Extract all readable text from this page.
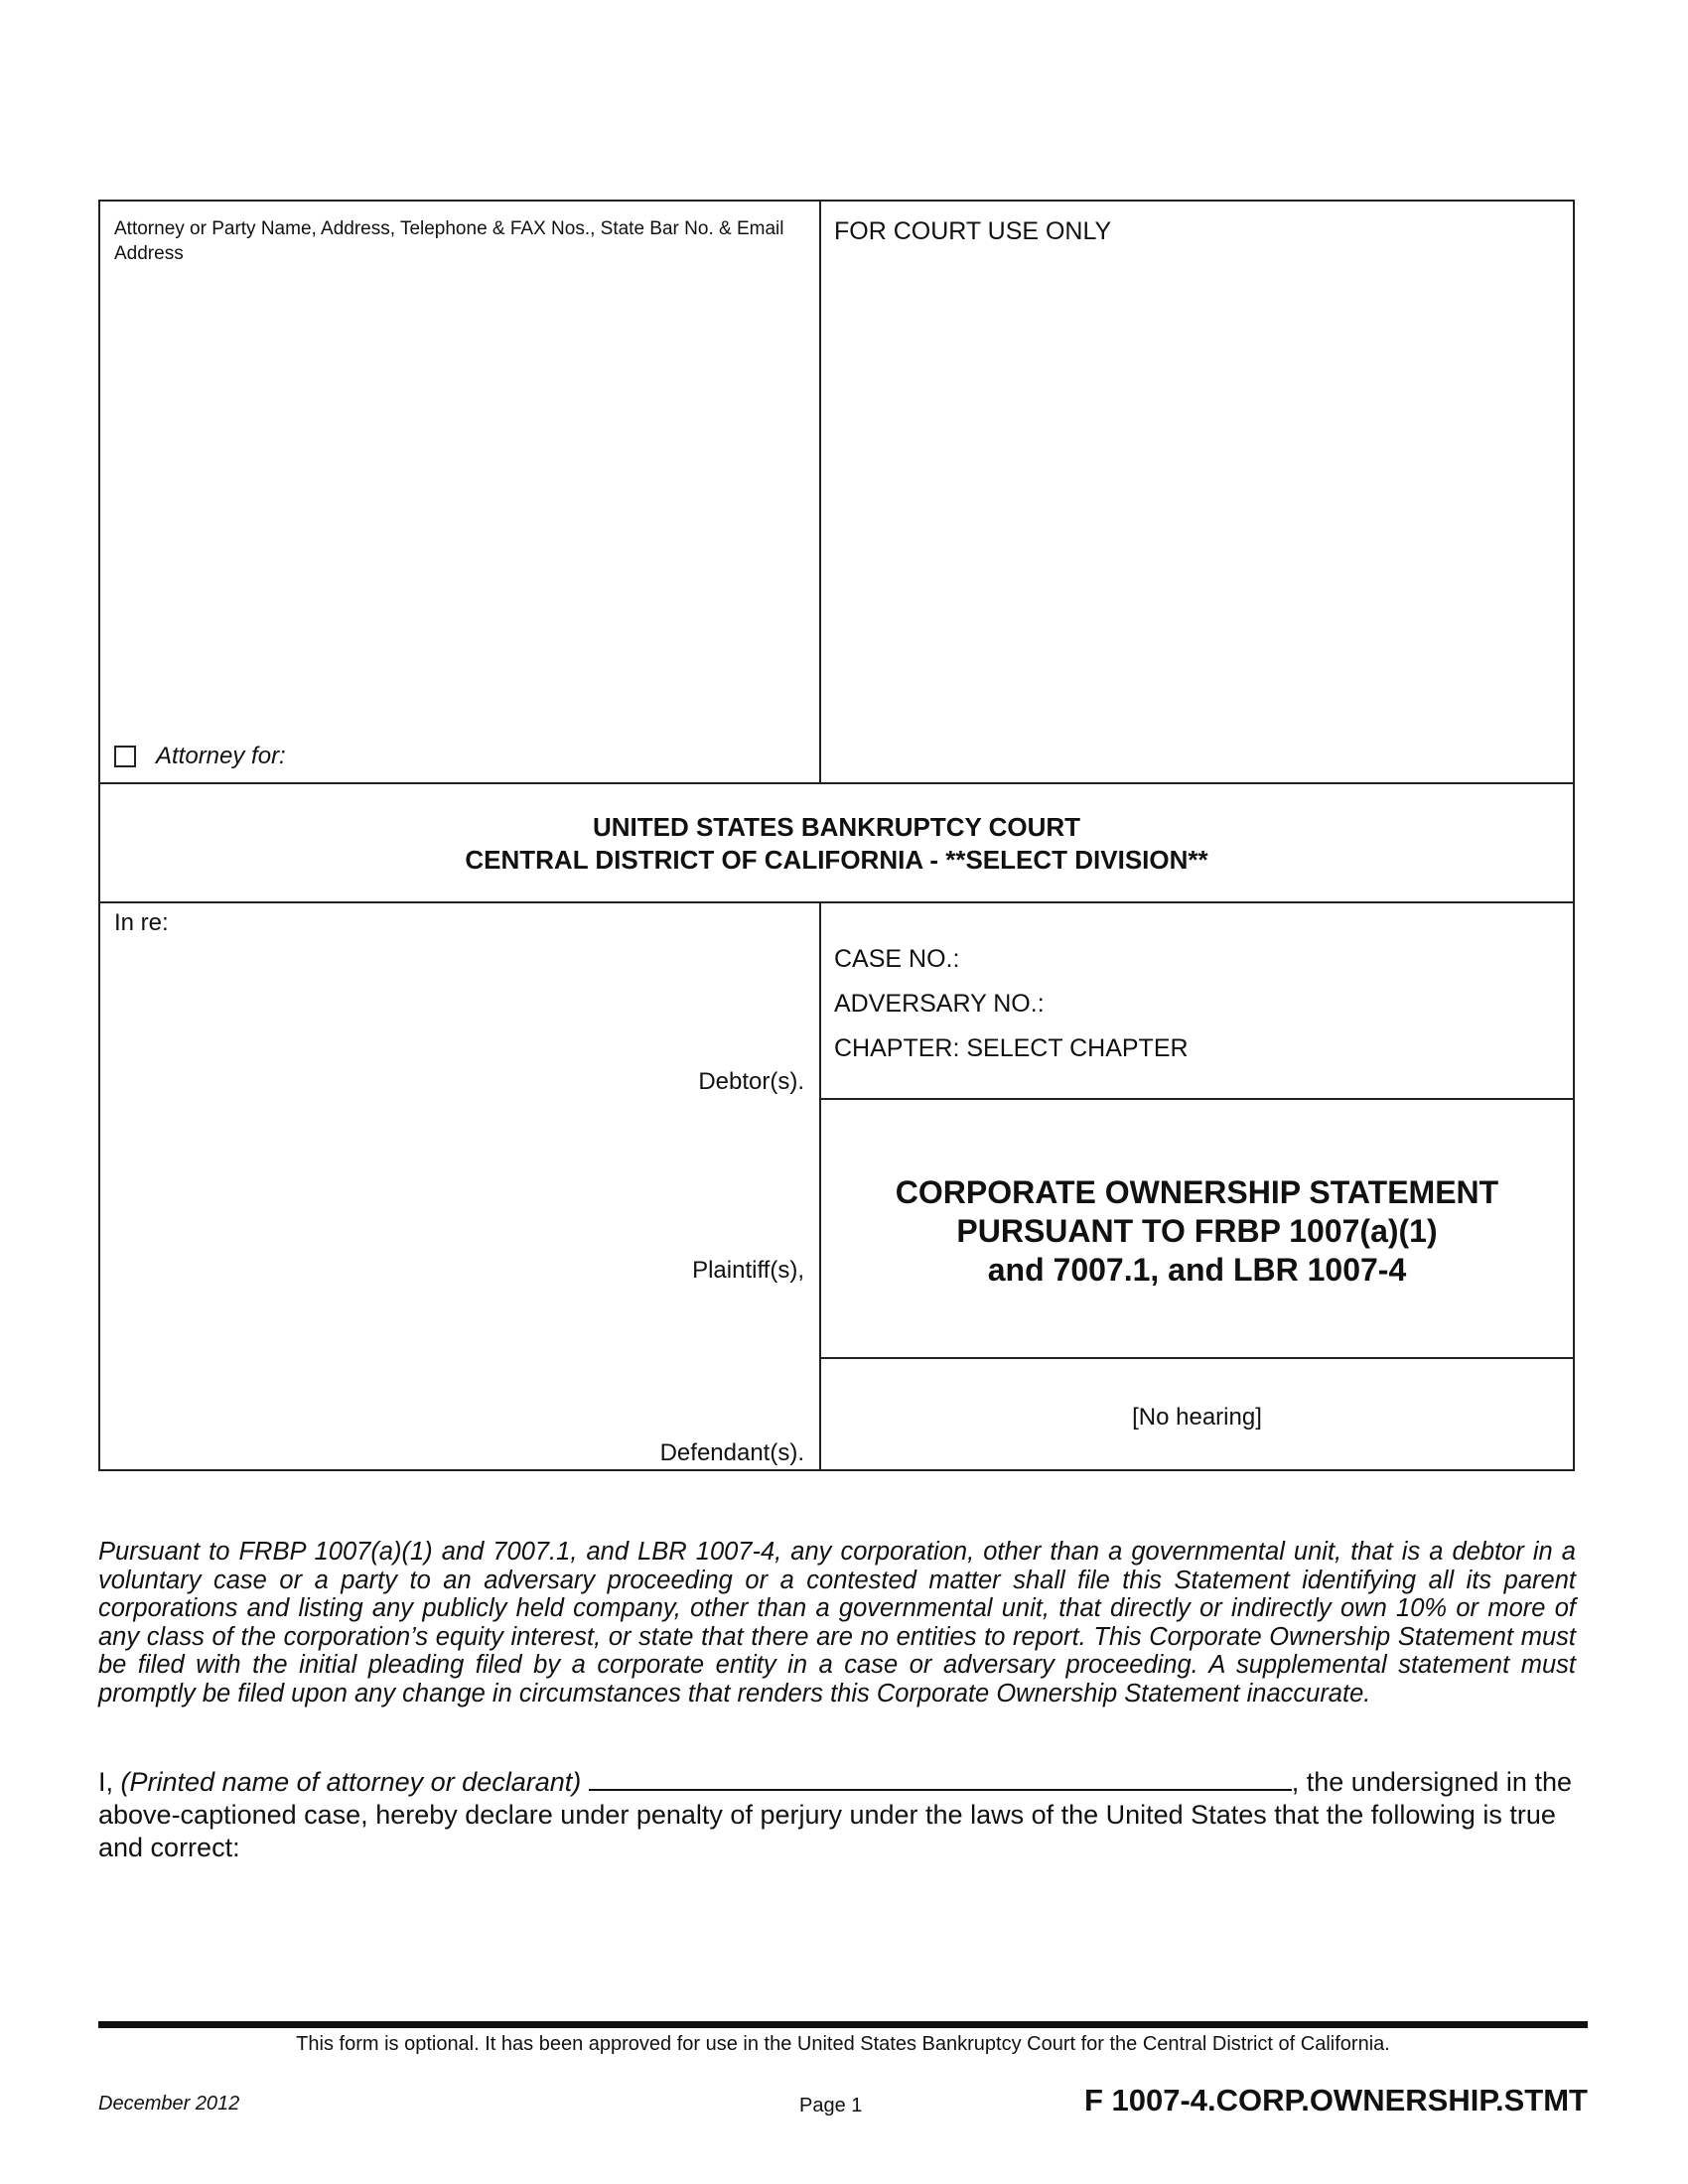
Attorney or Party Name, Address, Telephone & FAX Nos., State Bar No. & Email Address
FOR COURT USE ONLY
Attorney for:
UNITED STATES BANKRUPTCY COURT
CENTRAL DISTRICT OF CALIFORNIA - **SELECT DIVISION**
In re:
Debtor(s).
Plaintiff(s),
Defendant(s).
CASE NO.:
ADVERSARY NO.:
CHAPTER: SELECT CHAPTER
CORPORATE OWNERSHIP STATEMENT
PURSUANT TO FRBP 1007(a)(1)
and 7007.1, and LBR 1007-4
[No hearing]
Pursuant to FRBP 1007(a)(1) and 7007.1, and LBR 1007-4, any corporation, other than a governmental unit, that is a debtor in a voluntary case or a party to an adversary proceeding or a contested matter shall file this Statement identifying all its parent corporations and listing any publicly held company, other than a governmental unit, that directly or indirectly own 10% or more of any class of the corporation’s equity interest, or state that there are no entities to report. This Corporate Ownership Statement must be filed with the initial pleading filed by a corporate entity in a case or adversary proceeding. A supplemental statement must promptly be filed upon any change in circumstances that renders this Corporate Ownership Statement inaccurate.
I, (Printed name of attorney or declarant)	, the undersigned in the above-captioned case, hereby declare under penalty of perjury under the laws of the United States that the following is true and correct:
This form is optional. It has been approved for use in the United States Bankruptcy Court for the Central District of California.
December 2012	Page 1	F 1007-4.CORP.OWNERSHIP.STMT
